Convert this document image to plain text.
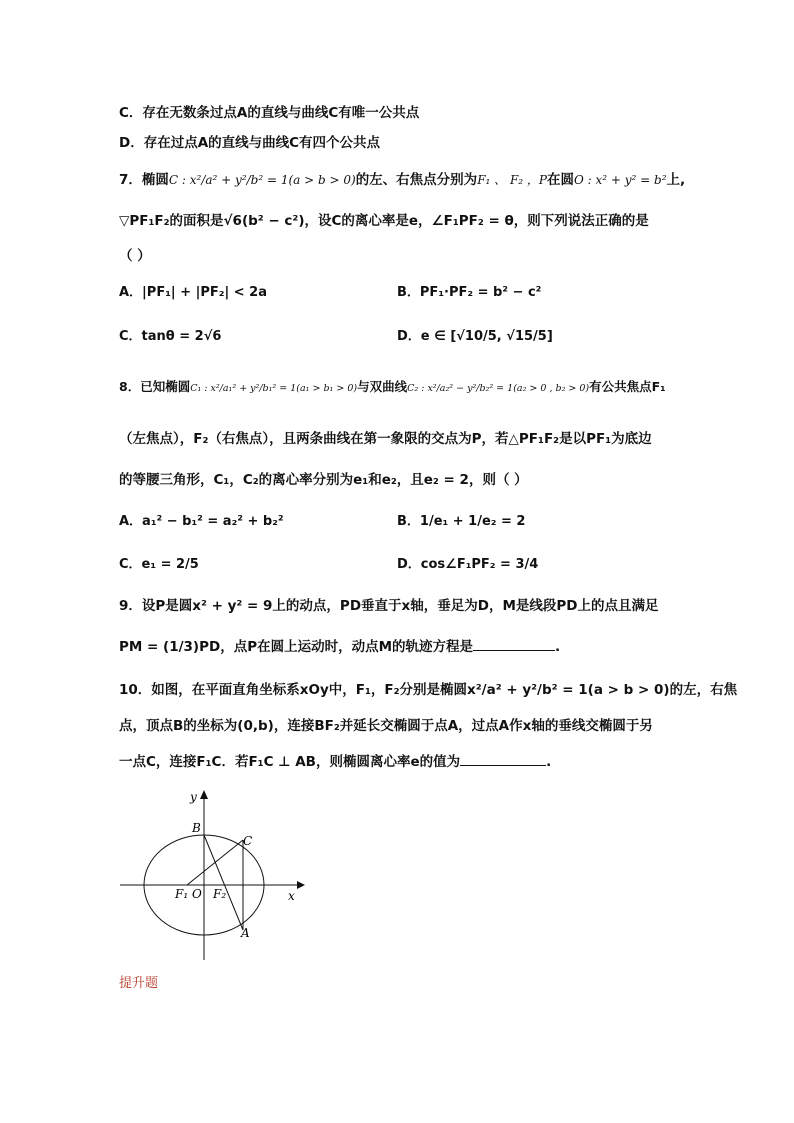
C．存在无数条过点A的直线与曲线C有唯一公共点
D．存在过点A的直线与曲线C有四个公共点
7．椭圆C : x²/a² + y²/b² = 1(a > b > 0)的左、右焦点分别为F₁ 、 F₂ ，P在圆O : x² + y² = b²上,
▽PF₁F₂的面积是√6(b² − c²)，设C的离心率是e，∠F₁PF₂ = θ，则下列说法正确的是
（ ）
A．|PF₁| + |PF₂| < 2a	B．PF₁·PF₂ = b² − c²
C．tanθ = 2√6	D．e ∈ [√10/5, √15/5]
8．已知椭圆C₁ : x²/a₁² + y²/b₁² = 1(a₁ > b₁ > 0)与双曲线C₂ : x²/a₂² − y²/b₂² = 1(a₂ > 0 , b₂ > 0)有公共焦点F₁
（左焦点），F₂（右焦点），且两条曲线在第一象限的交点为P，若△PF₁F₂是以PF₁为底边
的等腰三角形，C₁，C₂的离心率分别为e₁和e₂，且e₂ = 2，则（ ）
A．a₁² − b₁² = a₂² + b₂²	B．1/e₁ + 1/e₂ = 2
C．e₁ = 2/5	D．cos∠F₁PF₂ = 3/4
9．设P是圆x² + y² = 9上的动点，PD垂直于x轴，垂足为D，M是线段PD上的点且满足
PM = (1/3)PD，点P在圆上运动时，动点M的轨迹方程是	.
10．如图，在平面直角坐标系xOy中，F₁，F₂分别是椭圆x²/a² + y²/b² = 1(a > b > 0)的左，右焦
点，顶点B的坐标为(0,b)，连接BF₂并延长交椭圆于点A，过点A作x轴的垂线交椭圆于另
一点C，连接F₁C．若F₁C ⊥ AB，则椭圆离心率e的值为	.
y
x
B
C
A
O
F₁ F₂
提升题
